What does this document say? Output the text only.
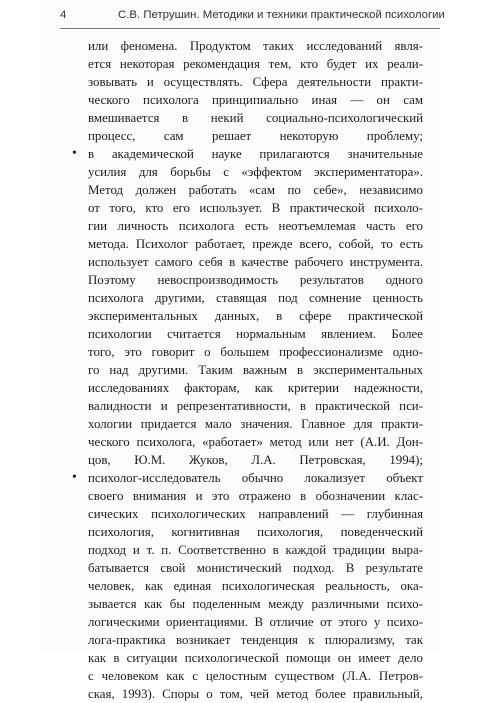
4	С.В. Петрушин. Методики и техники практической психологии
или феномена. Продуктом таких исследований явля-
ется некоторая рекомендация тем, кто будет их реали-
зовывать и осуществлять. Сфера деятельности практи-
ческого психолога принципиально иная — он сам
вмешивается в некий социально-психологический
процесс, сам решает некоторую проблему;
• в академической науке прилагаются значительные
усилия для борьбы с «эффектом экспериментатора».
Метод должен работать «сам по себе», независимо
от того, кто его использует. В практической психоло-
гии личность психолога есть неотъемлемая часть его
метода. Психолог работает, прежде всего, собой, то есть
использует самого себя в качестве рабочего инструмента.
Поэтому невоспроизводимость результатов одного
психолога другими, ставящая под сомнение ценность
экспериментальных данных, в сфере практической
психологии считается нормальным явлением. Более
того, это говорит о большем профессионализме одно-
го над другими. Таким важным в экспериментальных
исследованиях факторам, как критерии надежности,
валидности и репрезентативности, в практической пси-
хологии придается мало значения. Главное для практи-
ческого психолога, «работает» метод или нет (А.И. Дон-
цов, Ю.М. Жуков, Л.А. Петровская, 1994);
• психолог-исследователь обычно локализует объект
своего внимания и это отражено в обозначении клас-
сических психологических направлений — глубинная
психология, когнитивная психология, поведенческий
подход и т. п. Соответственно в каждой традиции выра-
батывается свой монистический подход. В результате
человек, как единая психологическая реальность, ока-
зывается как бы поделенным между различными психо-
логическими ориентациями. В отличие от этого у психо-
лога-практика возникает тенденция к плюрализму, так
как в ситуации психологической помощи он имеет дело
с человеком как с целостным существом (Л.А. Петров-
ская, 1993). Споры о том, чей метод более правильный,
